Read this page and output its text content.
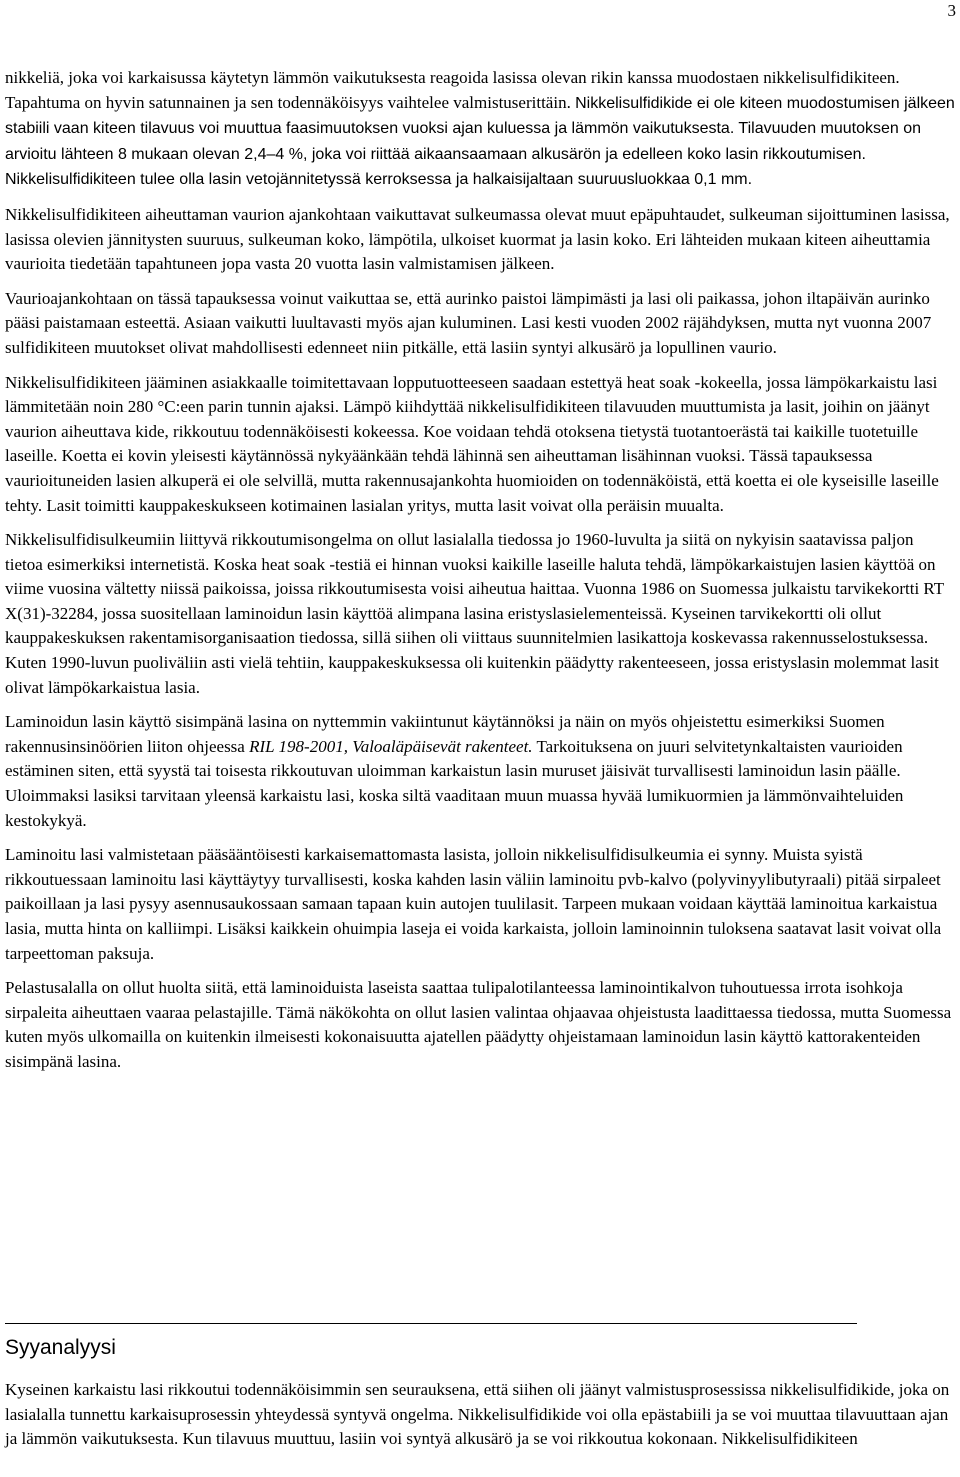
3

nikkeliä, joka voi karkaisussa käytetyn lämmön vaikutuksesta reagoida lasissa olevan rikin kanssa muodostaen nikkelisulfidikiteen. Tapahtuma on hyvin satunnainen ja sen todennäköisyys vaihtelee valmistuserittäin. Nikkelisulfidikide ei ole kiteen muodostumisen jälkeen stabiili vaan kiteen tilavuus voi muuttua faasimuutoksen vuoksi ajan kuluessa ja lämmön vaikutuksesta. Tilavuuden muutoksen on arvioitu lähteen 8 mukaan olevan 2,4–4 %, joka voi riittää aikaansaamaan alkusärön ja edelleen koko lasin rikkoutumisen. Nikkelisulfidikiteen tulee olla lasin vetojännitetyssä kerroksessa ja halkaisijaltaan suuruusluokkaa 0,1 mm.

Nikkelisulfidikiteen aiheuttaman vaurion ajankohtaan vaikuttavat sulkeumassa olevat muut epäpuhtaudet, sulkeuman sijoittuminen lasissa, lasissa olevien jännitysten suuruus, sulkeuman koko, lämpötila, ulkoiset kuormat ja lasin koko. Eri lähteiden mukaan kiteen aiheuttamia vaurioita tiedetään tapahtuneen jopa vasta 20 vuotta lasin valmistamisen jälkeen.

Vaurioajankohtaan on tässä tapauksessa voinut vaikuttaa se, että aurinko paistoi lämpimästi ja lasi oli paikassa, johon iltapäivän aurinko pääsi paistamaan esteettä. Asiaan vaikutti luultavasti myös ajan kuluminen. Lasi kesti vuoden 2002 räjähdyksen, mutta nyt vuonna 2007 sulfidikiteen muutokset olivat mahdollisesti edenneet niin pitkälle, että lasiin syntyi alkusärö ja lopullinen vaurio.

Nikkelisulfidikiteen jääminen asiakkaalle toimitettavaan lopputuotteeseen saadaan estettyä heat soak -kokeella, jossa lämpökarkaistu lasi lämmitetään noin 280 °C:een parin tunnin ajaksi. Lämpö kiihdyttää nikkelisulfidikiteen tilavuuden muuttumista ja lasit, joihin on jäänyt vaurion aiheuttava kide, rikkoutuu todennäköisesti kokeessa. Koe voidaan tehdä otoksena tietystä tuotantoerästä tai kaikille tuotetuille laseille. Koetta ei kovin yleisesti käytännössä nykyäänkään tehdä lähinnä sen aiheuttaman lisähinnan vuoksi. Tässä tapauksessa vaurioituneiden lasien alkuperä ei ole selvillä, mutta rakennusajankohta huomioiden on todennäköistä, että koetta ei ole kyseisille laseille tehty. Lasit toimitti kauppakeskukseen kotimainen lasialan yritys, mutta lasit voivat olla peräisin muualta.

Nikkelisulfidisulkeumiin liittyvä rikkoutumisongelma on ollut lasialalla tiedossa jo 1960-luvulta ja siitä on nykyisin saatavissa paljon tietoa esimerkiksi internetistä. Koska heat soak -testiä ei hinnan vuoksi kaikille laseille haluta tehdä, lämpökarkaistujen lasien käyttöä on viime vuosina vältetty niissä paikoissa, joissa rikkoutumisesta voisi aiheutua haittaa. Vuonna 1986 on Suomessa julkaistu tarvikekortti RT X(31)-32284, jossa suositellaan laminoidun lasin käyttöä alimpana lasina eristyslasielementeissä. Kyseinen tarvikekortti oli ollut kauppakeskuksen rakentamisorganisaation tiedossa, sillä siihen oli viittaus suunnitelmien lasikattoja koskevassa rakennusselostuksessa. Kuten 1990-luvun puoliväliin asti vielä tehtiin, kauppakeskuksessa oli kuitenkin päädytty rakenteeseen, jossa eristyslasin molemmat lasit olivat lämpökarkaistua lasia.

Laminoidun lasin käyttö sisimpänä lasina on nyttemmin vakiintunut käytännöksi ja näin on myös ohjeistettu esimerkiksi Suomen rakennusinsinöörien liiton ohjeessa RIL 198-2001, Valoaläpäisevät rakenteet. Tarkoituksena on juuri selvitetynkaltaisten vaurioiden estäminen siten, että syystä tai toisesta rikkoutuvan uloimman karkaistun lasin muruset jäisivät turvallisesti laminoidun lasin päälle. Uloimmaksi lasiksi tarvitaan yleensä karkaistu lasi, koska siltä vaaditaan muun muassa hyvää lumikuormien ja lämmönvaihteluiden kestokykyä.

Laminoitu lasi valmistetaan pääsääntöisesti karkaisemattomasta lasista, jolloin nikkelisulfidisulkeumia ei synny. Muista syistä rikkoutuessaan laminoitu lasi käyttäytyy turvallisesti, koska kahden lasin väliin laminoitu pvb-kalvo (polyvinyylibutyraali) pitää sirpaleet paikoillaan ja lasi pysyy asennusaukossaan samaan tapaan kuin autojen tuulilasit. Tarpeen mukaan voidaan käyttää laminoitua karkaistua lasia, mutta hinta on kalliimpi. Lisäksi kaikkein ohuimpia laseja ei voida karkaista, jolloin laminoinnin tuloksena saatavat lasit voivat olla tarpeettoman paksuja.

Pelastusalalla on ollut huolta siitä, että laminoiduista laseista saattaa tulipalotilanteessa laminointikalvon tuhoutuessa irrota isohkoja sirpaleita aiheuttaen vaaraa pelastajille. Tämä näkökohta on ollut lasien valintaa ohjaavaa ohjeistusta laadittaessa tiedossa, mutta Suomessa kuten myös ulkomailla on kuitenkin ilmeisesti kokonaisuutta ajatellen päädytty ohjeistamaan laminoidun lasin käyttö kattorakenteiden sisimpänä lasina.

Syyanalyysi

Kyseinen karkaistu lasi rikkoutui todennäköisimmin sen seurauksena, että siihen oli jäänyt valmistusprosessissa nikkelisulfidikide, joka on lasialalla tunnettu karkaisuprosessin yhteydessä syntyvä ongelma. Nikkelisulfidikide voi olla epästabiili ja se voi muuttaa tilavuuttaan ajan ja lämmön vaikutuksesta. Kun tilavuus muuttuu, lasiin voi syntyä alkusärö ja se voi rikkoutua kokonaan. Nikkelisulfidikiteen
